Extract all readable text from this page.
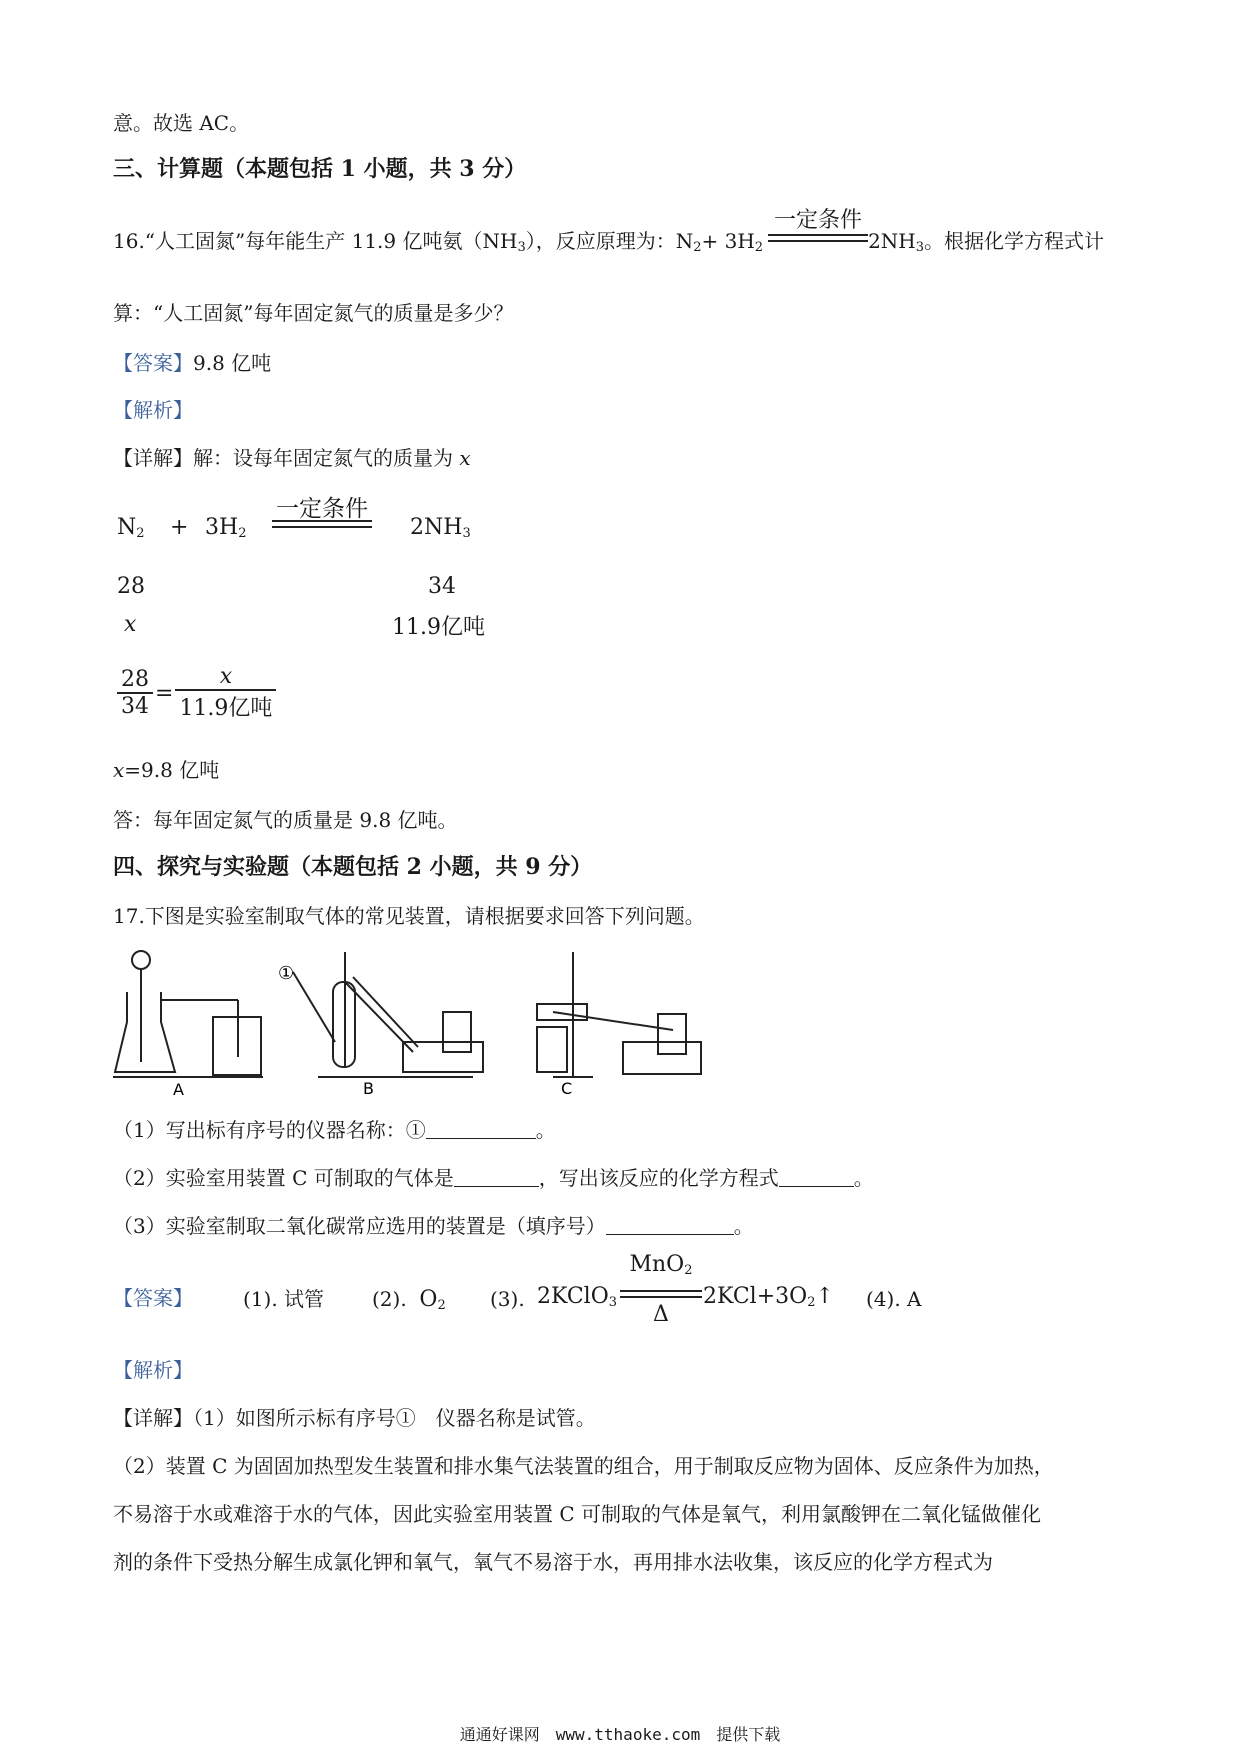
意。故选 AC。
三、计算题（本题包括 1 小题，共 3 分）
16.“人工固氮”每年能生产 11.9 亿吨氨$(NH_3)$，反应原理为：$N_2+ 3H_2$	$2NH_3$。根据化学方程式计
一定条件
算：“人工固氮”每年固定氮气的质量是多少？
【答案】9.8 亿吨
【解析】
【详解】解：设每年固定氮气的质量为 x
$N_2 + 3H_2$
一定条件
$2NH_3$
28	34
x	11.9亿吨
$\frac{28}{34} = \frac{x}{\text{11.9亿吨}}$
x=9.8 亿吨
答：每年固定氮气的质量是 9.8 亿吨。
四、探究与实验题（本题包括 2 小题，共 9 分）
17.下图是实验室制取气体的常见装置，请根据要求回答下列问题。
A	B	C
①
（1）写出标有序号的仪器名称：①	。
（2）实验室用装置 C 可制取的气体是	，写出该反应的化学方程式	。
（3）实验室制取二氧化碳常应选用的装置是（填序号）	。
【答案】	(1). 试管 (2). $O_2$ (3). 2KClO$_3$
MnO$_2$
Δ
$2KCl+3O_2↑$ (4). A
【解析】
【详解】（1）如图所示标有序号①　仪器名称是试管。
（2）装置 C 为固固加热型发生装置和排水集气法装置的组合，用于制取反应物为固体、反应条件为加热，
不易溶于水或难溶于水的气体，因此实验室用装置 C 可制取的气体是氧气，利用氯酸钾在二氧化锰做催化
剂的条件下受热分解生成氯化钾和氧气，氧气不易溶于水，再用排水法收集，该反应的化学方程式为
通通好课网　www.tthaoke.com　提供下载
